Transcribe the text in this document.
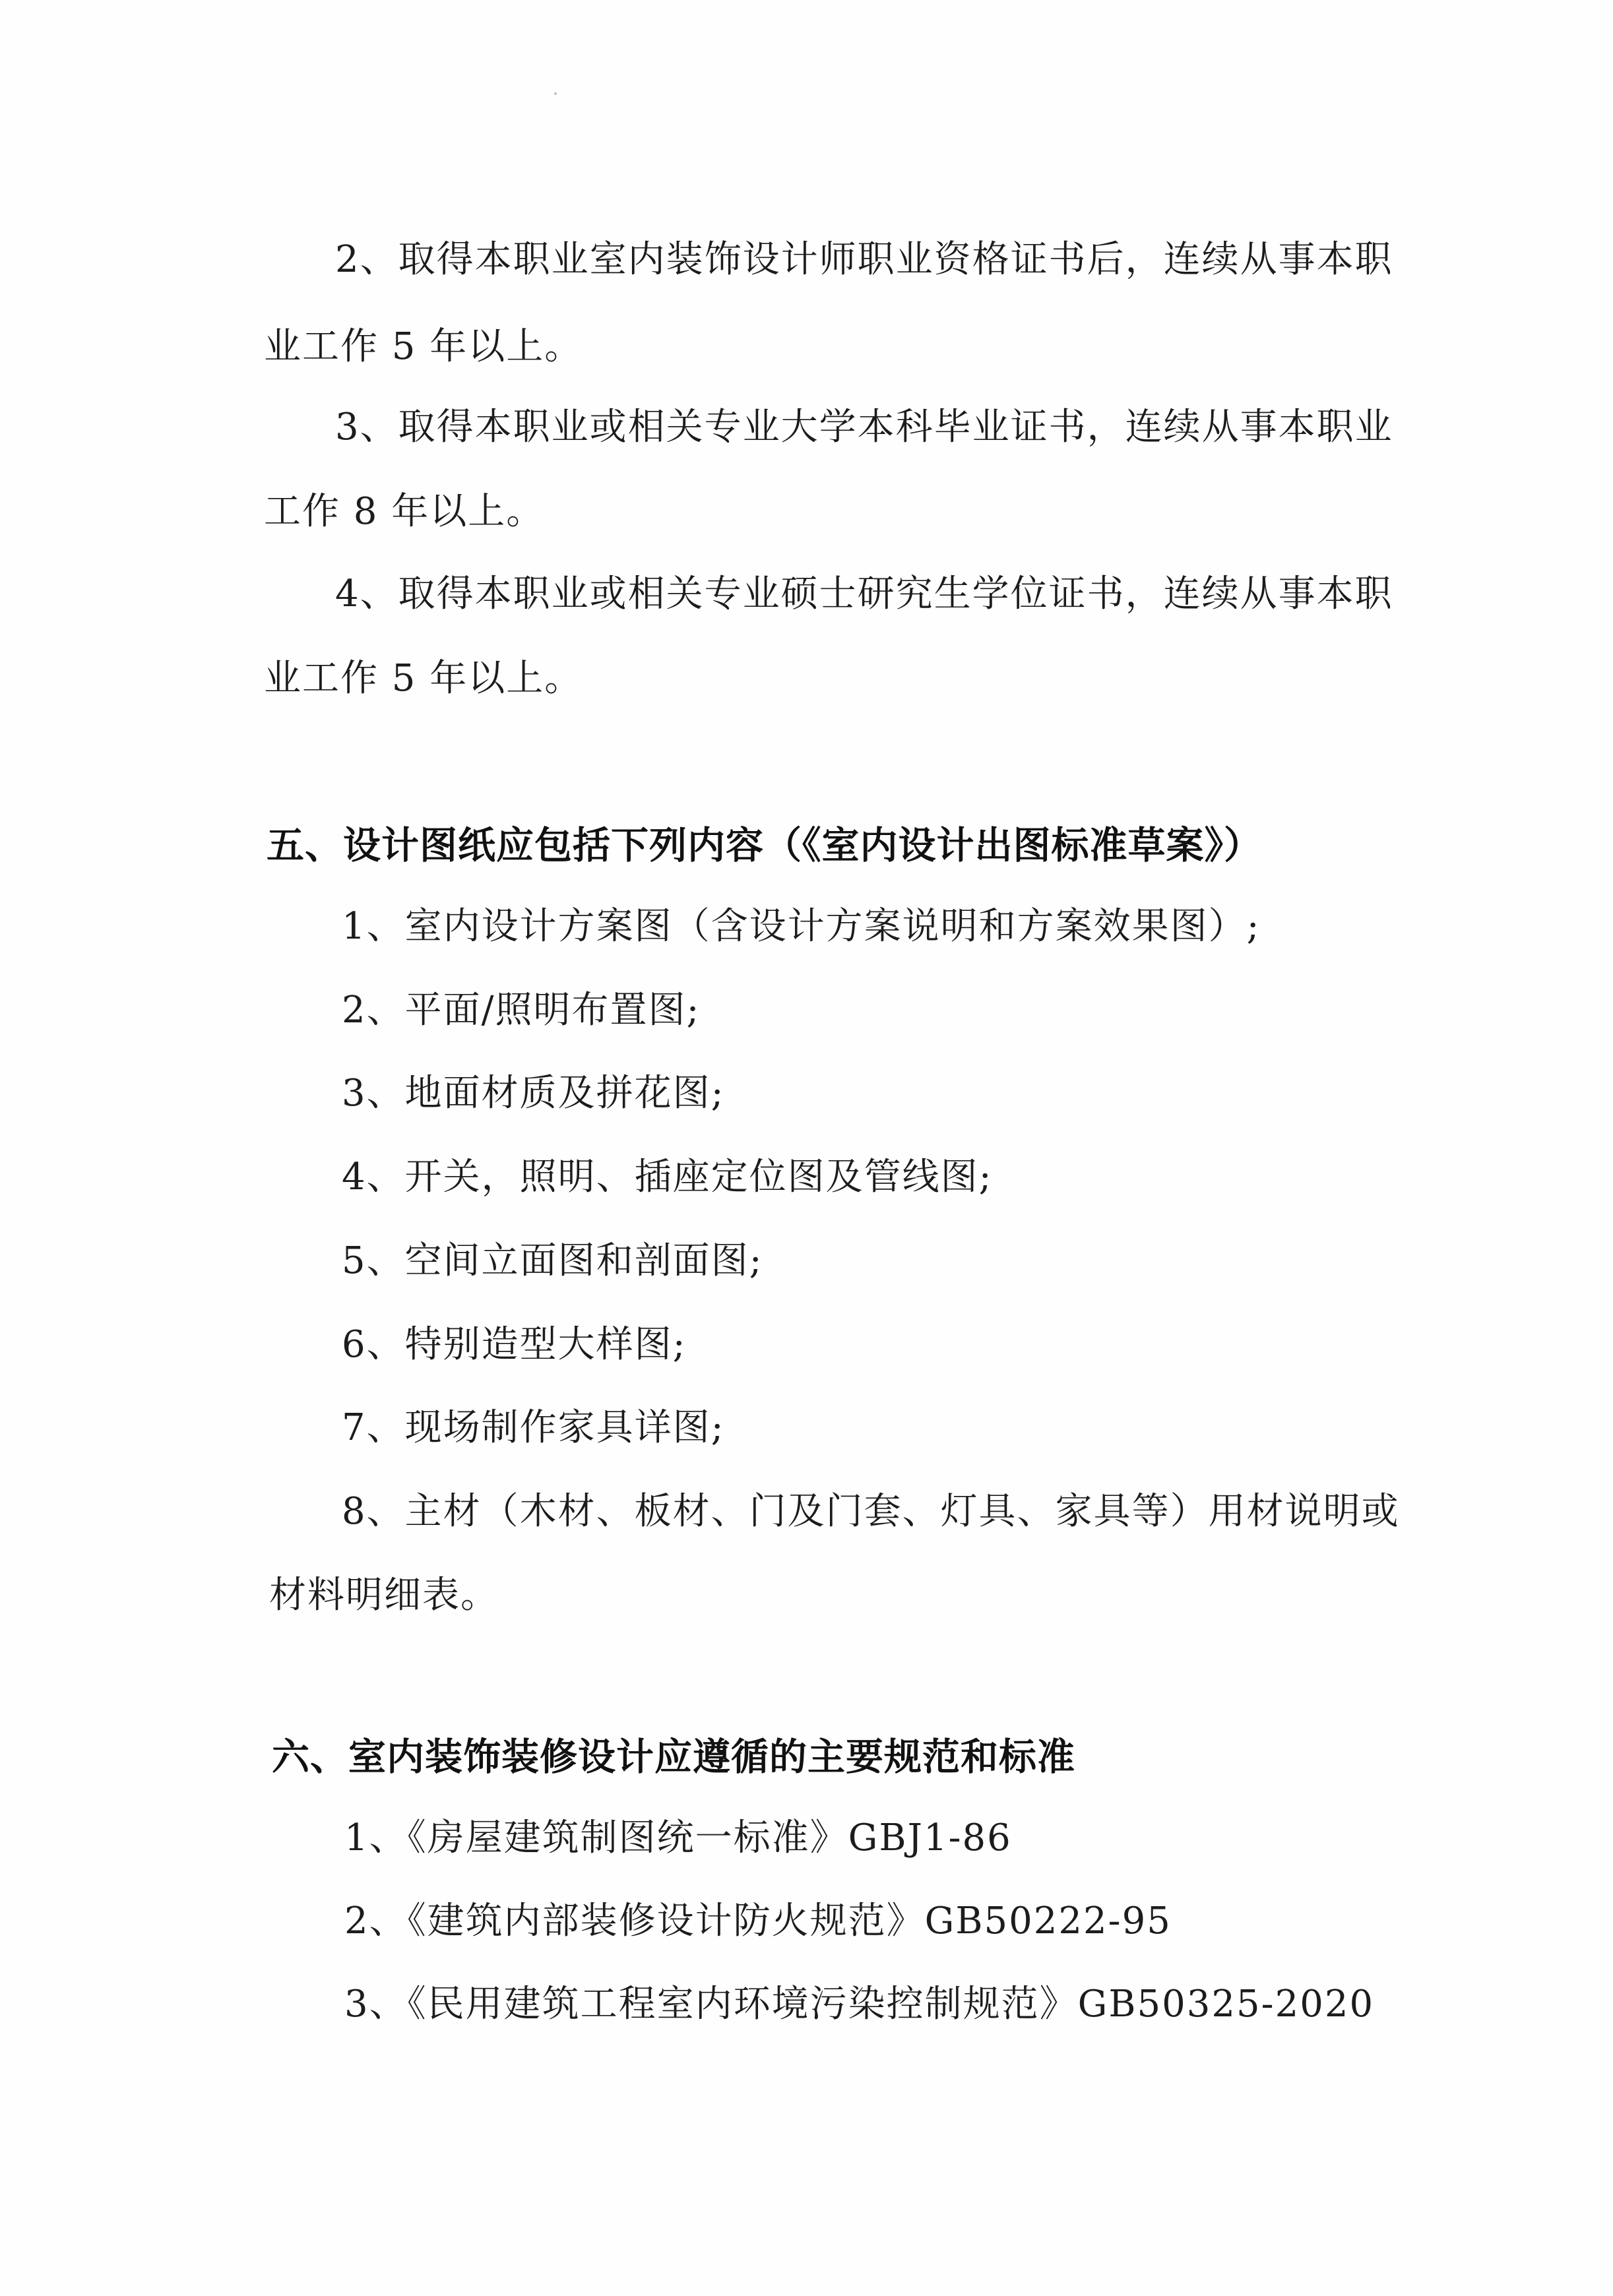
2、取得本职业室内装饰设计师职业资格证书后，连续从事本职
业工作 5 年以上。
3、取得本职业或相关专业大学本科毕业证书，连续从事本职业
工作 8 年以上。
4、取得本职业或相关专业硕士研究生学位证书，连续从事本职
业工作 5 年以上。
五、设计图纸应包括下列内容（《室内设计出图标准草案》）
1、室内设计方案图（含设计方案说明和方案效果图）;
2、平面/照明布置图;
3、地面材质及拼花图;
4、开关，照明、插座定位图及管线图;
5、空间立面图和剖面图;
6、特别造型大样图;
7、现场制作家具详图;
8、主材（木材、板材、门及门套、灯具、家具等）用材说明或
材料明细表。
六、室内装饰装修设计应遵循的主要规范和标准
1、《房屋建筑制图统一标准》GBJ1-86
2、《建筑内部装修设计防火规范》GB50222-95
3、《民用建筑工程室内环境污染控制规范》GB50325-2020
